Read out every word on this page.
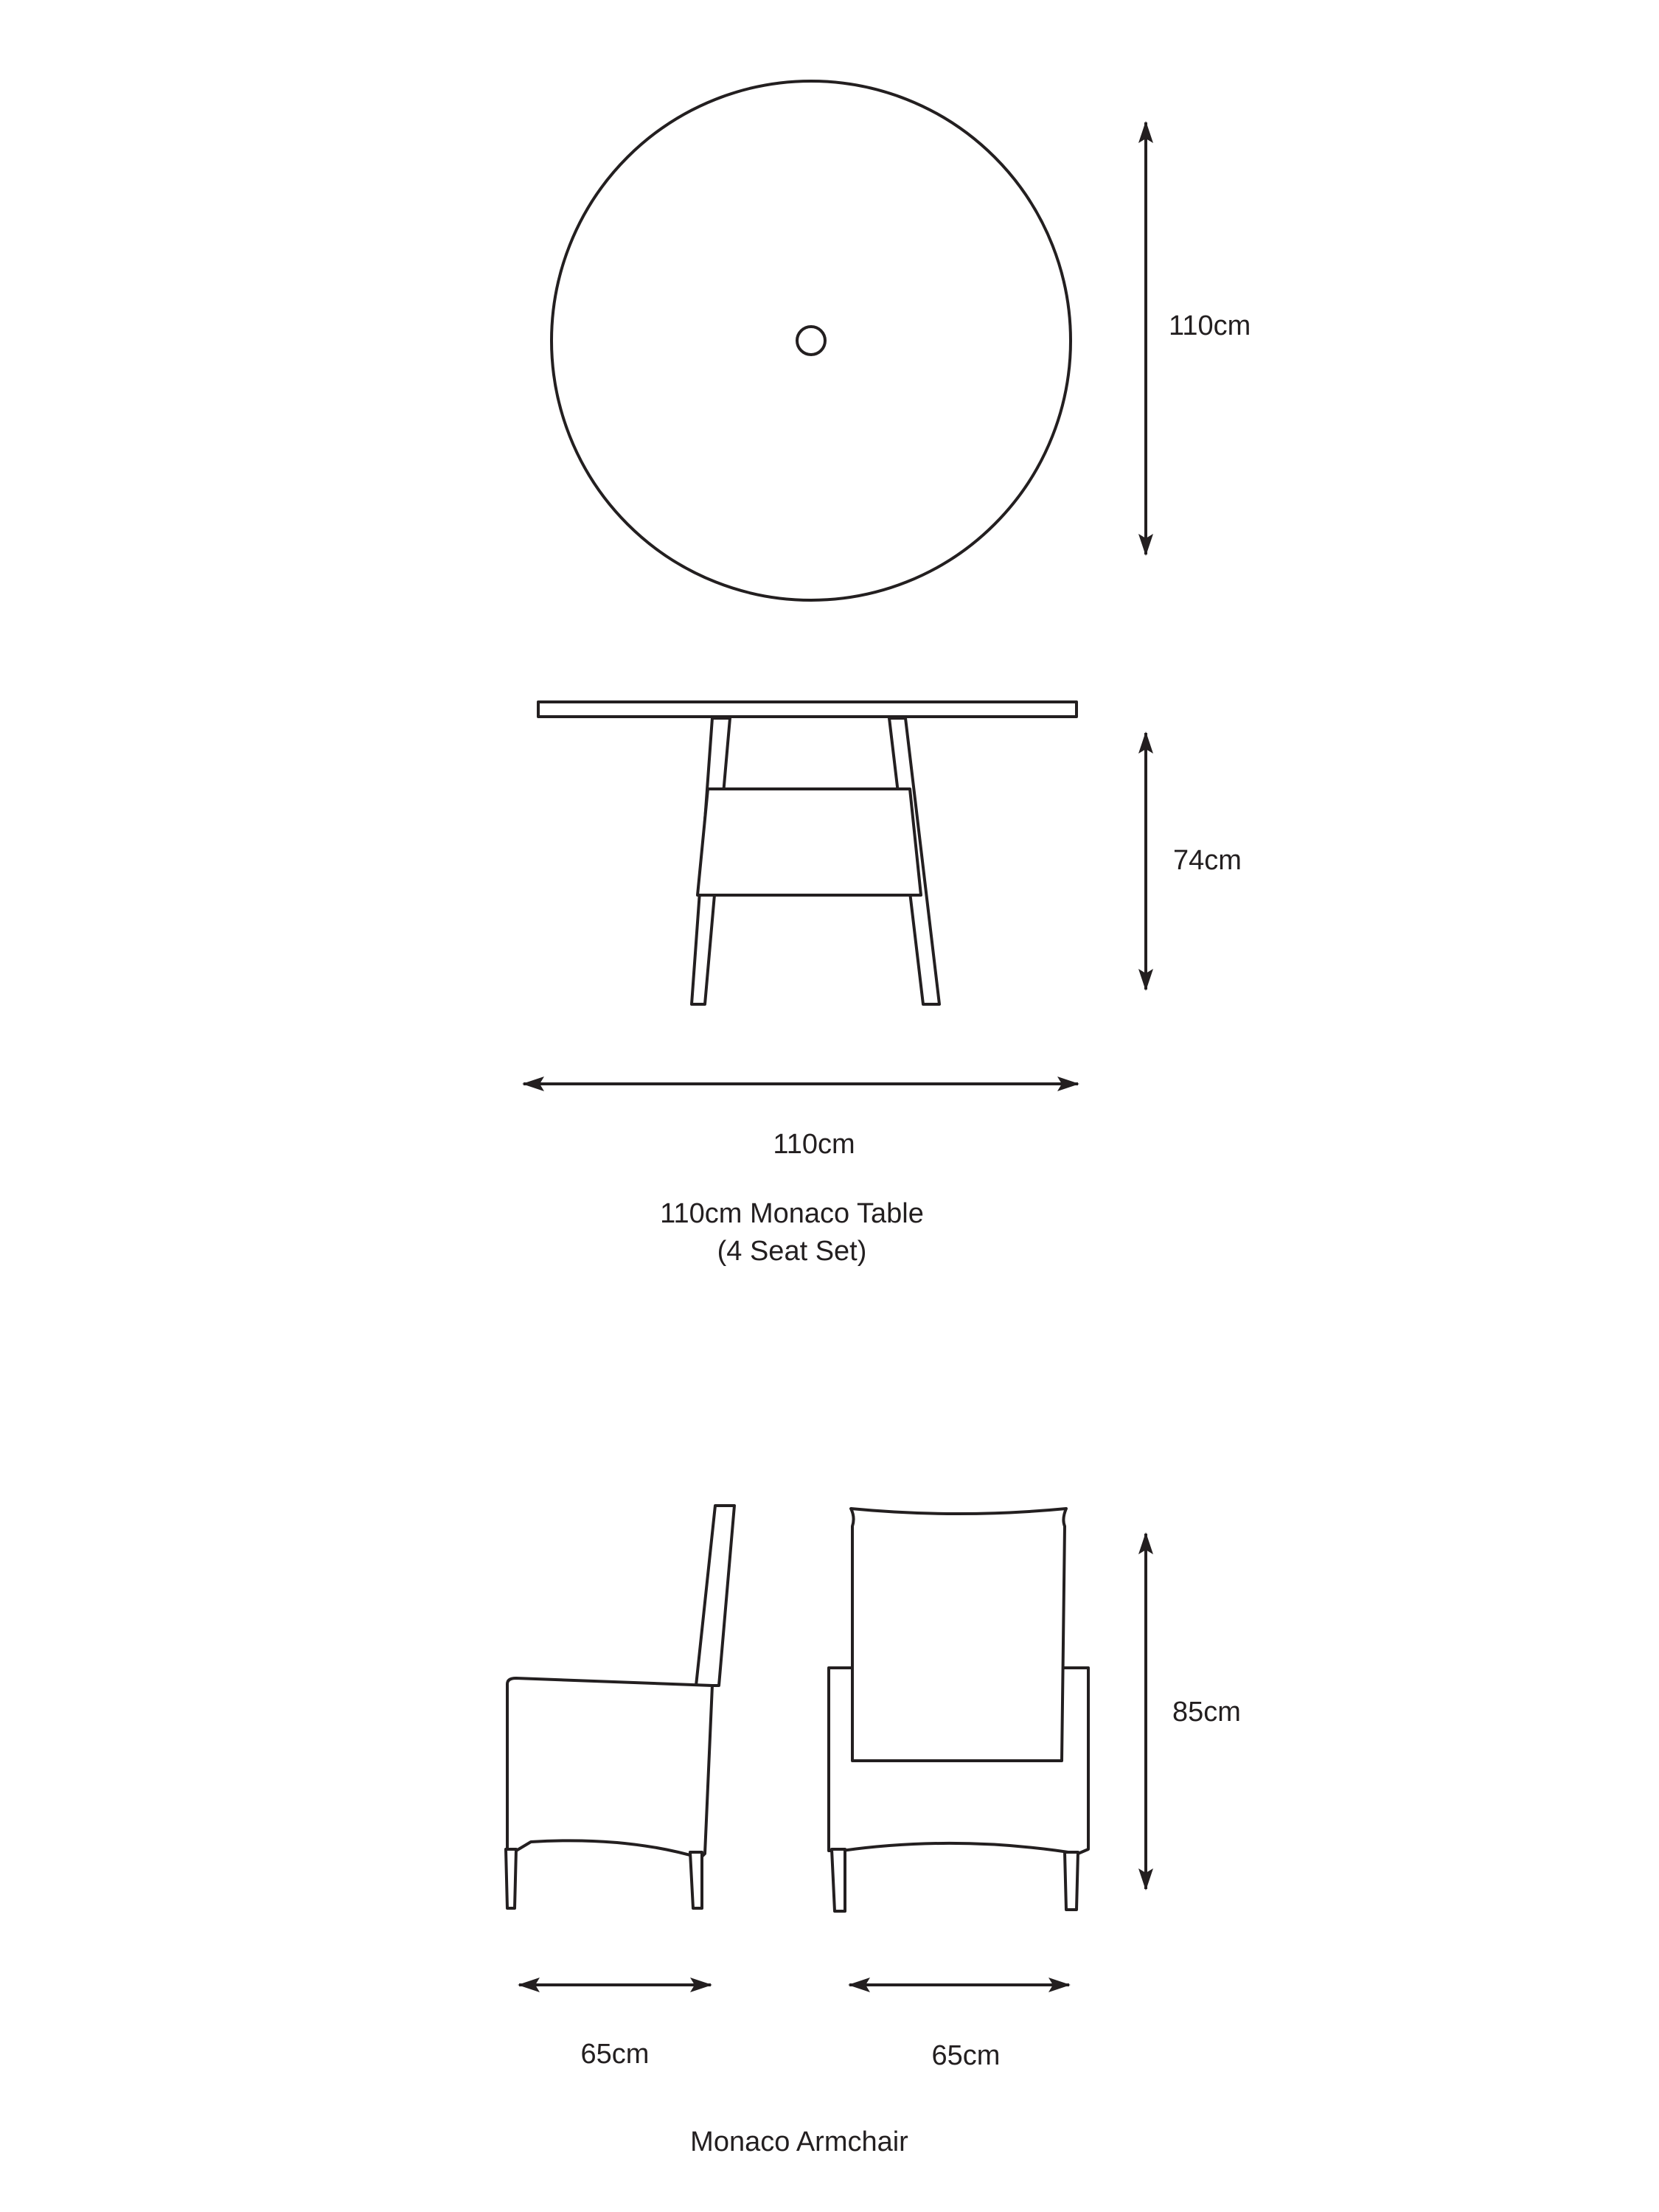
110cm
74cm
110cm
110cm Monaco Table
(4 Seat Set)
85cm
65cm	65cm
Monaco Armchair
